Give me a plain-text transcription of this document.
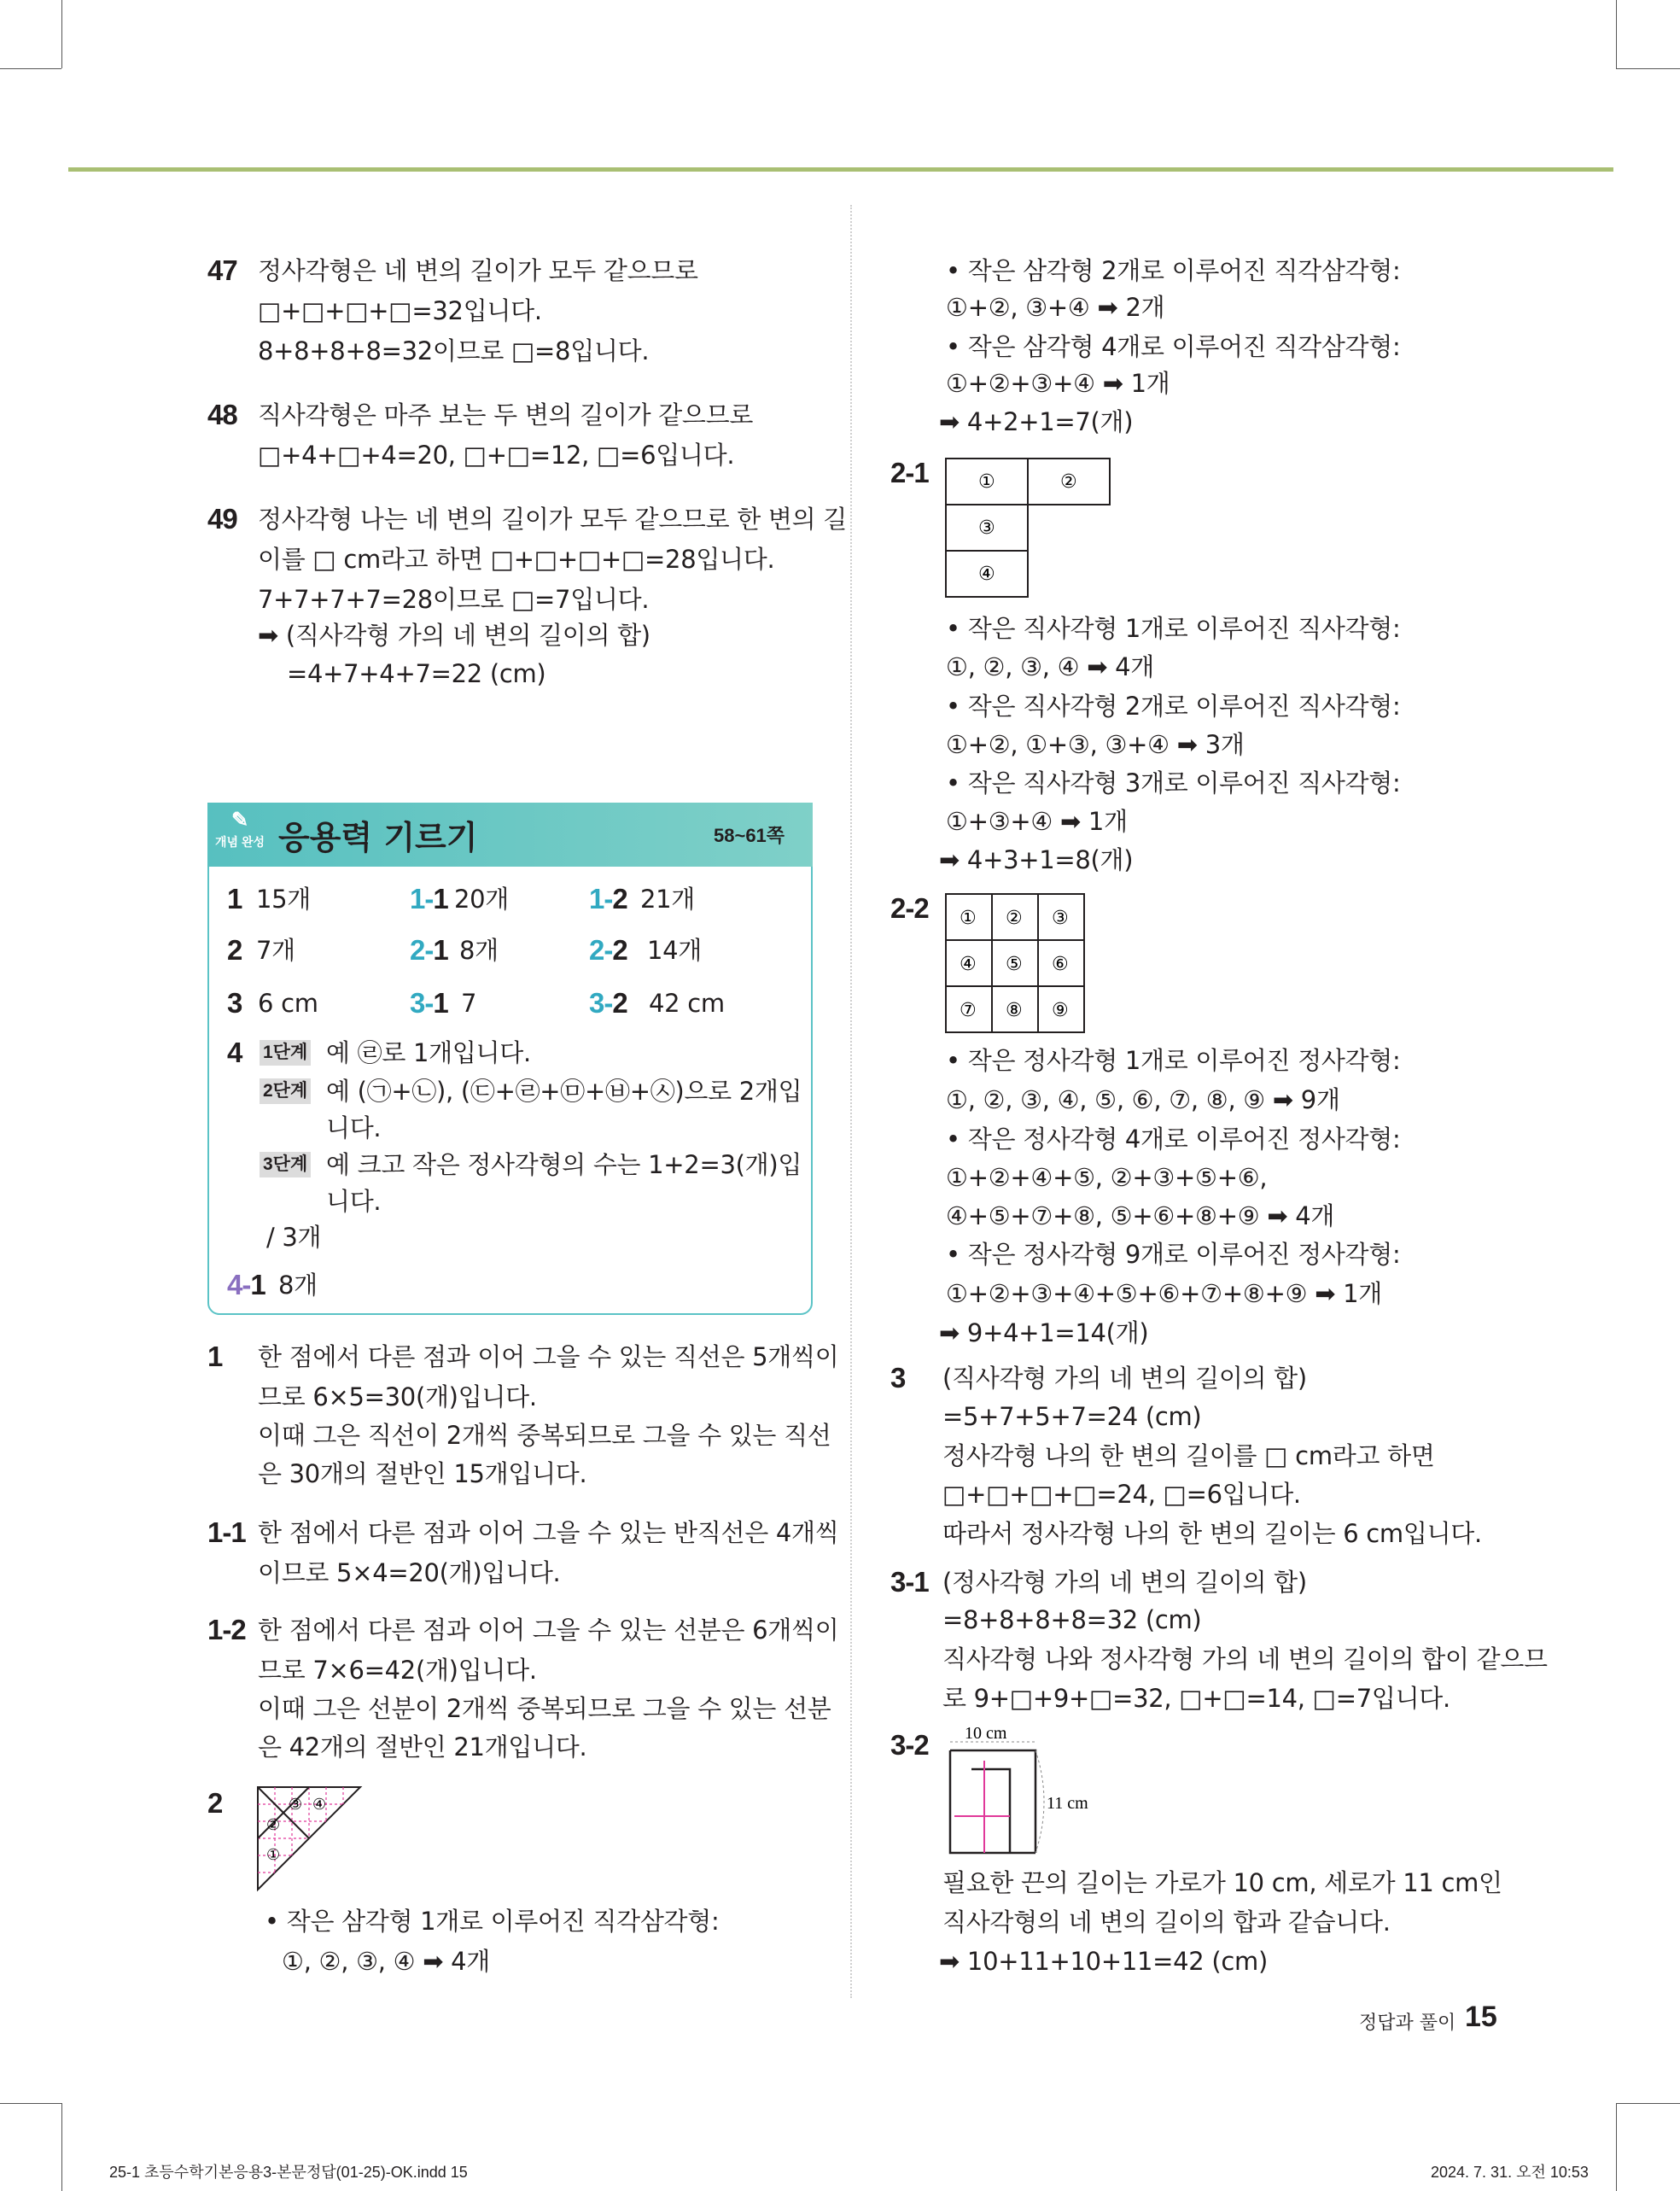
47 정사각형은 네 변의 길이가 모두 같으므로
□+□+□+□=32입니다.
8+8+8+8=32이므로 □=8입니다.
48 직사각형은 마주 보는 두 변의 길이가 같으므로
□+4+□+4=20, □+□=12, □=6입니다.
49 정사각형 나는 네 변의 길이가 모두 같으므로 한 변의 길
이를 □ cm라고 하면 □+□+□+□=28입니다.
7+7+7+7=28이므로 □=7입니다.
➡ (직사각형 가의 네 변의 길이의 합)
=4+7+4+7=22 (cm)
✎
개념 완성 응용력 기르기	58~61쪽
1 15개	1-1 20개	1-2 21개
2 7개	2-1 8개	2-2 14개
3 6 cm	3-1 7	3-2 42 cm
4 1단계 예 ㉣로 1개입니다.
2단계 예 (㉠+㉡), (㉢+㉣+㉤+㉥+㉦)으로 2개입
니다.
3단계 예 크고 작은 정사각형의 수는 1+2=3(개)입
니다.
/ 3개
4-1 8개
1 한 점에서 다른 점과 이어 그을 수 있는 직선은 5개씩이
므로 6×5=30(개)입니다.
이때 그은 직선이 2개씩 중복되므로 그을 수 있는 직선
은 30개의 절반인 15개입니다.
1-1 한 점에서 다른 점과 이어 그을 수 있는 반직선은 4개씩
이므로 5×4=20(개)입니다.
1-2 한 점에서 다른 점과 이어 그을 수 있는 선분은 6개씩이
므로 7×6=42(개)입니다.
이때 그은 선분이 2개씩 중복되므로 그을 수 있는 선분
은 42개의 절반인 21개입니다.
2	③ ④
②
①
• 작은 삼각형 1개로 이루어진 직각삼각형:
①, ②, ③, ④ ➡ 4개
• 작은 삼각형 2개로 이루어진 직각삼각형:
①+②, ③+④ ➡ 2개
• 작은 삼각형 4개로 이루어진 직각삼각형:
①+②+③+④ ➡ 1개
➡ 4+2+1=7(개)
2-1	①	②
③
④
• 작은 직사각형 1개로 이루어진 직사각형:
①, ②, ③, ④ ➡ 4개
• 작은 직사각형 2개로 이루어진 직사각형:
①+②, ①+③, ③+④ ➡ 3개
• 작은 직사각형 3개로 이루어진 직사각형:
①+③+④ ➡ 1개
➡ 4+3+1=8(개)
2-2 ① ② ③
④ ⑤ ⑥
⑦ ⑧ ⑨
• 작은 정사각형 1개로 이루어진 정사각형:
①, ②, ③, ④, ⑤, ⑥, ⑦, ⑧, ⑨ ➡ 9개
• 작은 정사각형 4개로 이루어진 정사각형:
①+②+④+⑤, ②+③+⑤+⑥,
④+⑤+⑦+⑧, ⑤+⑥+⑧+⑨ ➡ 4개
• 작은 정사각형 9개로 이루어진 정사각형:
①+②+③+④+⑤+⑥+⑦+⑧+⑨ ➡ 1개
➡ 9+4+1=14(개)
3 (직사각형 가의 네 변의 길이의 합)
=5+7+5+7=24 (cm)
정사각형 나의 한 변의 길이를 □ cm라고 하면
□+□+□+□=24, □=6입니다.
따라서 정사각형 나의 한 변의 길이는 6 cm입니다.
3-1 (정사각형 가의 네 변의 길이의 합)
=8+8+8+8=32 (cm)
직사각형 나와 정사각형 가의 네 변의 길이의 합이 같으므
로 9+□+9+□=32, □+□=14, □=7입니다.
3-2 10 cm
11 cm
필요한 끈의 길이는 가로가 10 cm, 세로가 11 cm인
직사각형의 네 변의 길이의 합과 같습니다.
➡ 10+11+10+11=42 (cm)
정답과 풀이 15
25-1 초등수학기본응용3-본문정답(01-25)-OK.indd 15	2024. 7. 31. 오전 10:53
